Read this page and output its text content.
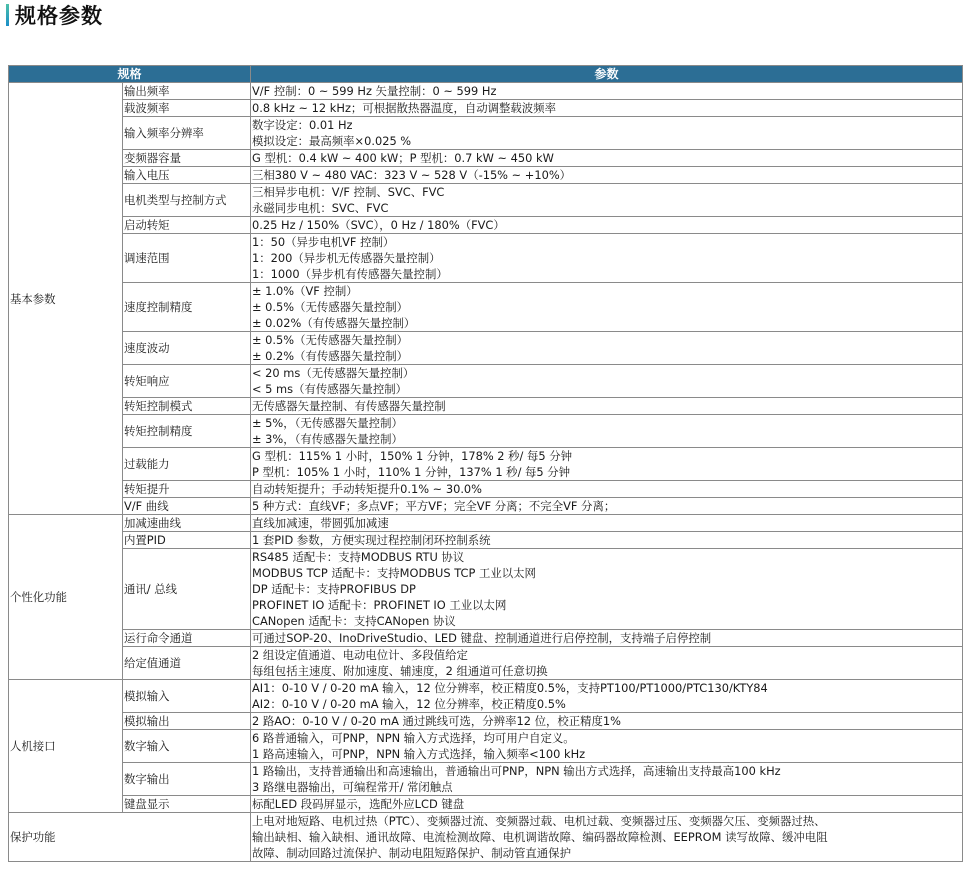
规格参数
规格		参数
基本参数	输出频率	V/F 控制：0 ~ 599 Hz 矢量控制：0 ~ 599 Hz

	载波频率	0.8 kHz ~ 12 kHz；可根据散热器温度，自动调整载波频率

	输入频率分辨率	数字设定：0.01 Hz
模拟设定：最高频率×0.025 %

	变频器容量	G 型机：0.4 kW ~ 400 kW；P 型机：0.7 kW ~ 450 kW

	输入电压	三相380 V ~ 480 VAC：323 V ~ 528 V（-15% ~ +10%）

	电机类型与控制方式	三相异步电机：V/F 控制、SVC、FVC
永磁同步电机：SVC、FVC

	启动转矩	0.25 Hz / 150%（SVC），0 Hz / 180%（FVC）

	调速范围	1：50（异步电机VF 控制）
1：200（异步机无传感器矢量控制）
1：1000（异步机有传感器矢量控制）

	速度控制精度	± 1.0%（VF 控制）
± 0.5%（无传感器矢量控制）
± 0.02%（有传感器矢量控制）

	速度波动	± 0.5%（无传感器矢量控制）
± 0.2%（有传感器矢量控制）

	转矩响应	< 20 ms（无传感器矢量控制）
< 5 ms（有传感器矢量控制）

	转矩控制模式	无传感器矢量控制、有传感器矢量控制

	转矩控制精度	± 5%，（无传感器矢量控制）
± 3%，（有传感器矢量控制）

	过载能力	G 型机：115% 1 小时，150% 1 分钟，178% 2 秒/ 每5 分钟
P 型机：105% 1 小时，110% 1 分钟，137% 1 秒/ 每5 分钟

	转矩提升	自动转矩提升；手动转矩提升0.1% ~ 30.0%

	V/F 曲线	5 种方式：直线VF；多点VF；平方VF；完全VF 分离；不完全VF 分离；

个性化功能	加减速曲线	直线加减速，带圆弧加减速

	内置PID	1 套PID 参数，方便实现过程控制闭环控制系统

	通讯/ 总线	RS485 适配卡：支持MODBUS RTU 协议
MODBUS TCP 适配卡：支持MODBUS TCP 工业以太网
DP 适配卡：支持PROFIBUS DP
PROFINET IO 适配卡：PROFINET IO 工业以太网
CANopen 适配卡：支持CANopen 协议

	运行命令通道	可通过SOP-20、InoDriveStudio、LED 键盘、控制通道进行启停控制，支持端子启停控制

	给定值通道	2 组设定值通道、电动电位计、多段值给定
每组包括主速度、附加速度、辅速度，2 组通道可任意切换

人机接口	模拟输入	AI1：0-10 V / 0-20 mA 输入，12 位分辨率，校正精度0.5%，支持PT100/PT1000/PTC130/KTY84
AI2：0-10 V / 0-20 mA 输入，12 位分辨率，校正精度0.5%

	模拟输出	2 路AO：0-10 V / 0-20 mA 通过跳线可选，分辨率12 位，校正精度1%

	数字输入	6 路普通输入，可PNP，NPN 输入方式选择，均可用户自定义。
1 路高速输入，可PNP，NPN 输入方式选择，输入频率<100 kHz

	数字输出	1 路输出，支持普通输出和高速输出，普通输出可PNP，NPN 输出方式选择，高速输出支持最高100 kHz
3 路继电器输出，可编程常开/ 常闭触点

	键盘显示	标配LED 段码屏显示，选配外应LCD 键盘

保护功能		上电对地短路、电机过热（PTC）、变频器过流、变频器过载、电机过载、变频器过压、变频器欠压、变频器过热、
输出缺相、输入缺相、通讯故障、电流检测故障、电机调谐故障、编码器故障检测、EEPROM 读写故障、缓冲电阻
故障、制动回路过流保护、制动电阻短路保护、制动管直通保护
